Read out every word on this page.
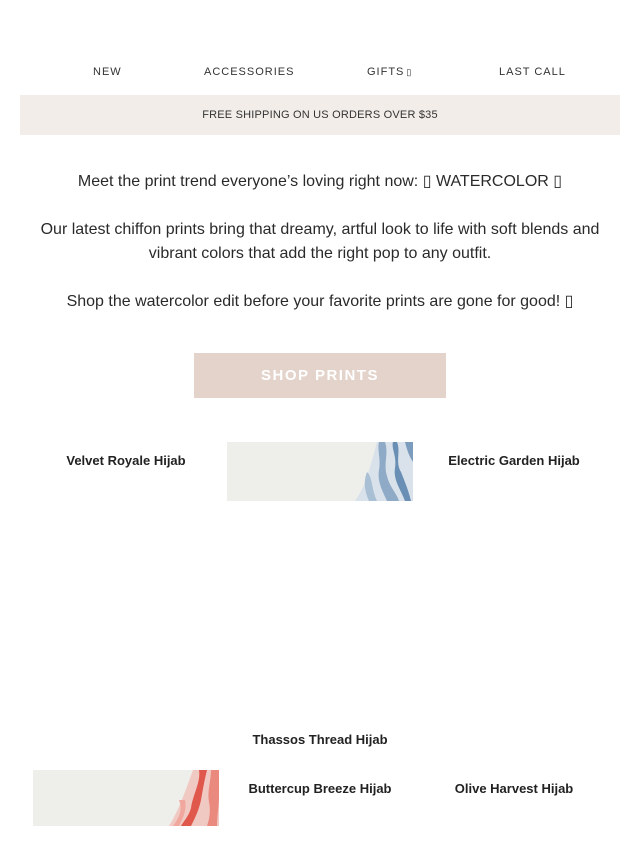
NEW	ACCESSORIES	GIFTS ▯	LAST CALL
FREE SHIPPING ON US ORDERS OVER $35
Meet the print trend everyone’s loving right now: ▯ WATERCOLOR ▯
Our latest chiffon prints bring that dreamy, artful look to life with soft blends and vibrant colors that add the right pop to any outfit.
Shop the watercolor edit before your favorite prints are gone for good! ▯
SHOP PRINTS
Velvet Royale Hijab	Electric Garden Hijab
Thassos Thread Hijab
Buttercup Breeze Hijab	Olive Harvest Hijab
